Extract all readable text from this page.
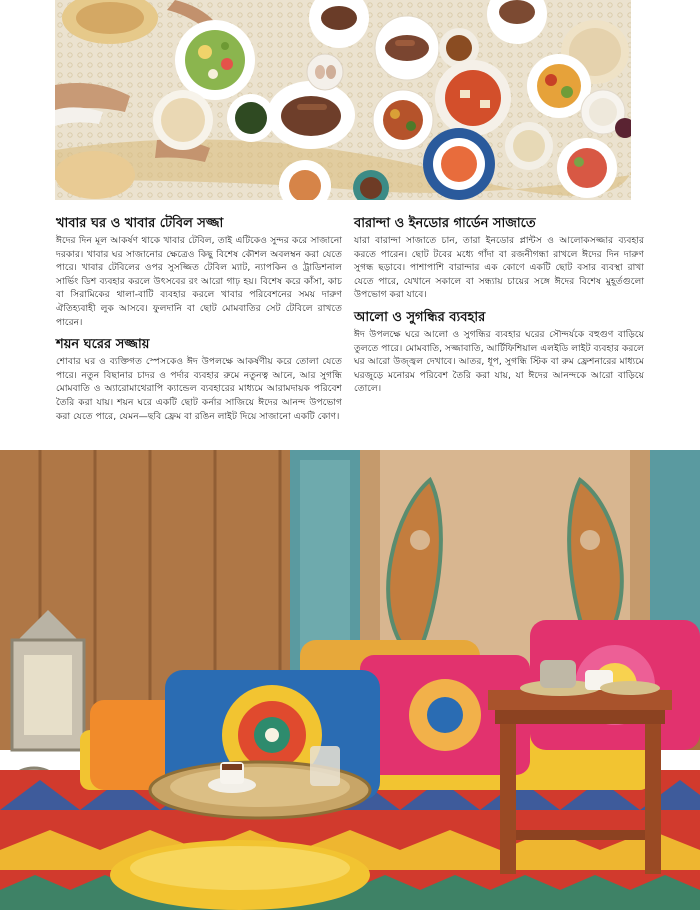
খাবার ঘর ও খাবার টেবিল সজ্জা

ঈদের দিন মূল আকর্ষণ থাকে খাবার টেবিল, তাই এটিকেও সুন্দর করে সাজানো দরকার। খাবার ঘর সাজানোর ক্ষেত্রেও কিছু বিশেষ কৌশল অবলম্বন করা যেতে পারে। খাবার টেবিলের ওপর সুসজ্জিত টেবিল ম্যাট, ন্যাপকিন ও ট্রাডিশনাল সার্ভিং ডিশ ব্যবহার করলে উৎসবের রং আরো গাঢ় হয়। বিশেষ করে কাঁসা, কাচ বা সিরামিকের থালা-বাটি ব্যবহার করলে খাবার পরিবেশনের সময় দারুণ ঐতিহ্যবাহী লুক আসবে। ফুলদানি বা ছোট মোমবাতির সেট টেবিলে রাখতে পারেন।

শয়ন ঘরের সজ্জায়

শোবার ঘর ও ব্যক্তিগত স্পেসকেও ঈদ উপলক্ষে আকর্ষণীয় করে তোলা যেতে পারে। নতুন বিছানার চাদর ও পর্দার ব্যবহার রুমে নতুনত্ব আনে, আর সুগন্ধি মোমবাতি ও অ্যারোমাথেরাপি ক্যান্ডেল ব্যবহারের মাধ্যমে আরামদায়ক পরিবেশ তৈরি করা যায়। শয়ন ঘরে একটি ছোট কর্নার সাজিয়ে ঈদের আনন্দ উপভোগ করা যেতে পারে, যেমন—ছবি ফ্রেম বা রঙিন লাইট দিয়ে সাজানো একটি কোণ।

বারান্দা ও ইনডোর গার্ডেন সাজাতে

যারা বারান্দা সাজাতে চান, তারা ইনডোর প্লান্টস ও আলোকসজ্জার ব্যবহার করতে পারেন। ছোট টবের মধ্যে গাঁদা বা রজনীগন্ধা রাখলে ঈদের দিন দারুণ সুগন্ধ ছড়াবে। পাশাপাশি বারান্দার এক কোণে একটি ছোট বসার ব্যবস্থা রাখা যেতে পারে, যেখানে সকালে বা সন্ধ্যায় চায়ের সঙ্গে ঈদের বিশেষ মুহূর্তগুলো উপভোগ করা যাবে।

আলো ও সুগন্ধির ব্যবহার

ঈদ উপলক্ষে ঘরে আলো ও সুগন্ধির ব্যবহার ঘরের সৌন্দর্যকে বহুগুণ বাড়িয়ে তুলতে পারে। মোমবাতি, সজ্জাবাতি, আর্টিফিশিয়াল এলইডি লাইট ব্যবহার করলে ঘর আরো উজ্জ্বল দেখাবে। আতর, ধূপ, সুগন্ধি স্টিক বা রুম ফ্রেশনারের মাধ্যমে ঘরজুড়ে মনোরম পরিবেশ তৈরি করা যায়, যা ঈদের আনন্দকে আরো বাড়িয়ে তোলে।
